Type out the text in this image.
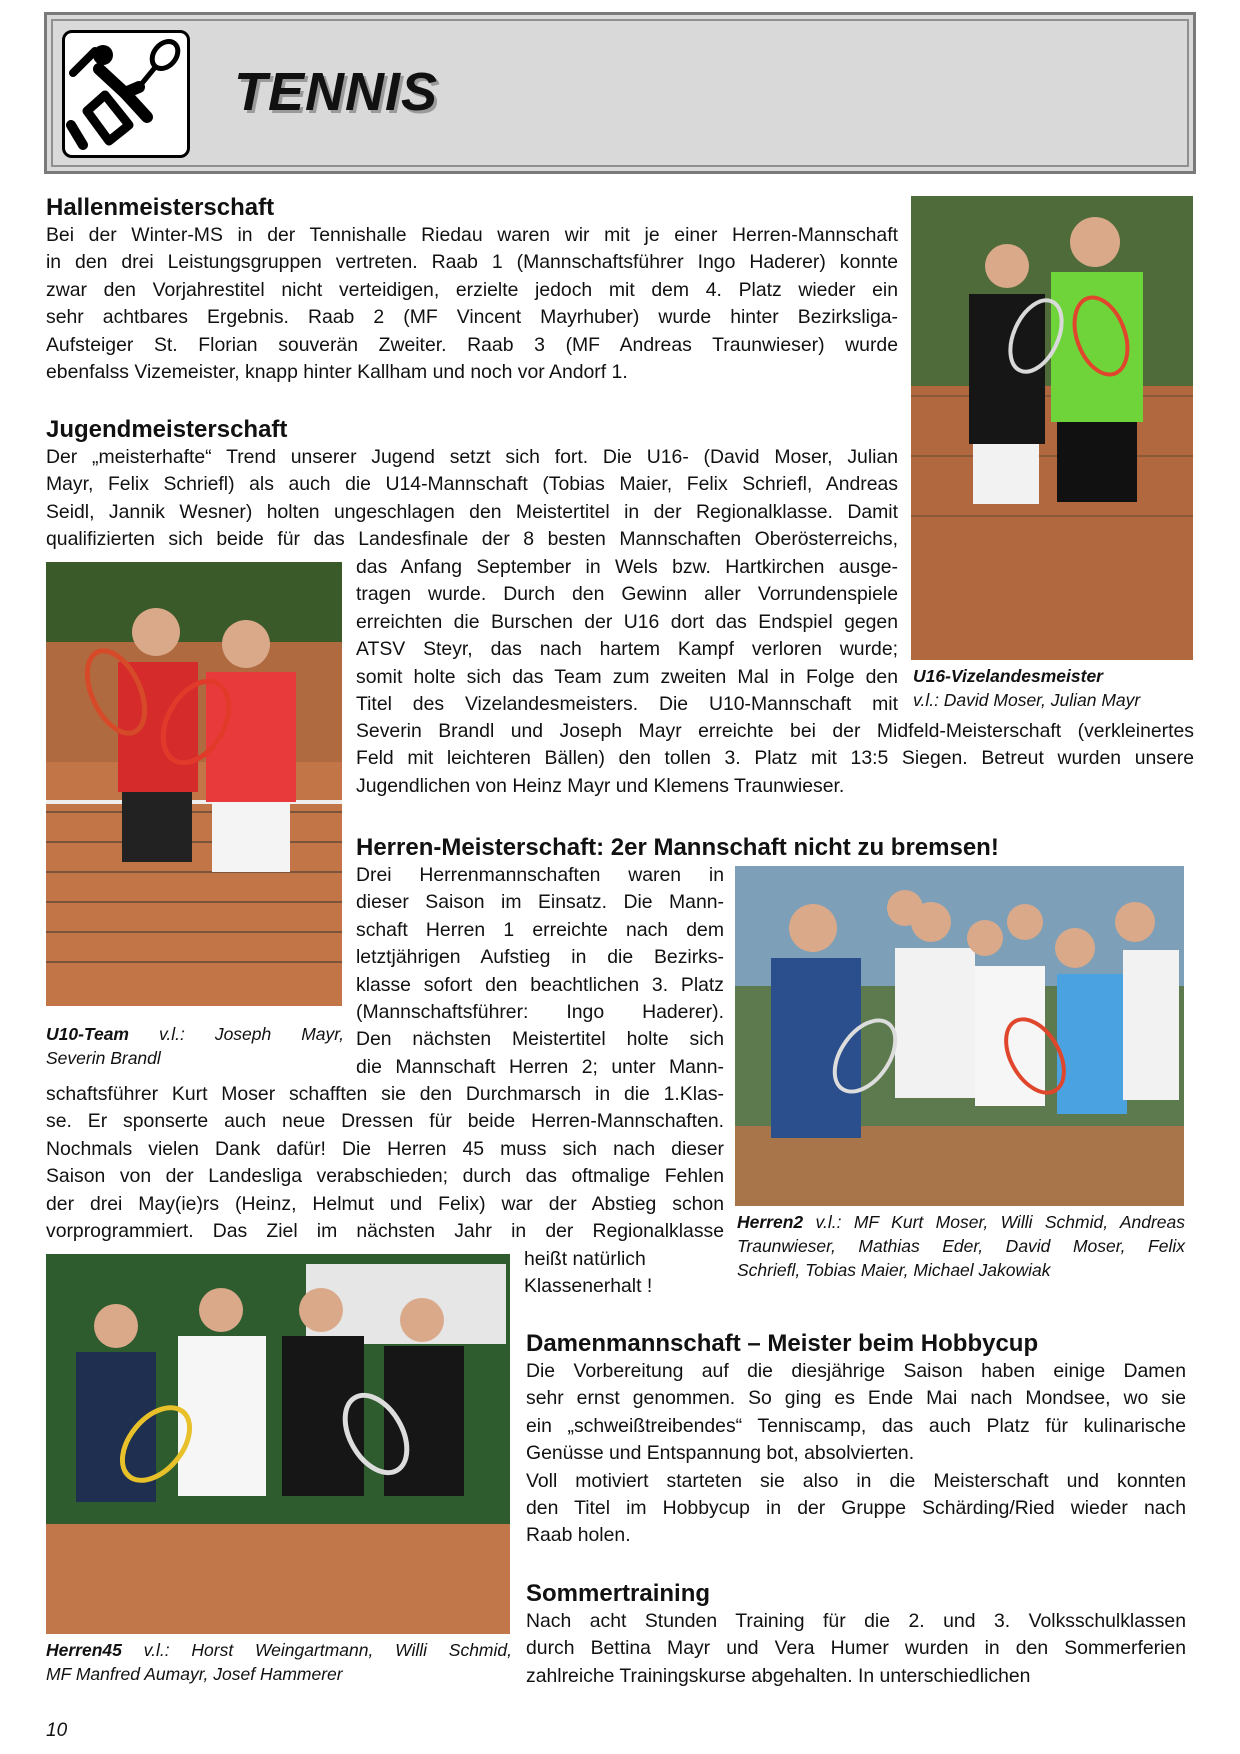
TENNIS
Hallenmeisterschaft
Bei der Winter-MS in der Tennishalle Riedau waren wir mit je einer Herren-Mannschaft
in den drei Leistungsgruppen vertreten. Raab 1 (Mannschaftsführer Ingo Haderer) konnte
zwar den Vorjahrestitel nicht verteidigen, erzielte jedoch mit dem 4. Platz wieder ein
sehr achtbares Ergebnis. Raab 2 (MF Vincent Mayrhuber) wurde hinter Bezirksliga-
Aufsteiger St. Florian souverän Zweiter. Raab 3 (MF Andreas Traunwieser) wurde
ebenfalss Vizemeister, knapp hinter Kallham und noch vor Andorf 1.
Jugendmeisterschaft
Der „meisterhafte“ Trend unserer Jugend setzt sich fort. Die U16- (David Moser, Julian
Mayr, Felix Schriefl) als auch die U14-Mannschaft (Tobias Maier, Felix Schriefl, Andreas
Seidl, Jannik Wesner) holten ungeschlagen den Meistertitel in der Regionalklasse. Damit
qualifizierten sich beide für das Landesfinale der 8 besten Mannschaften Oberösterreichs,
das Anfang September in Wels bzw. Hartkirchen ausge-
tragen wurde. Durch den Gewinn aller Vorrundenspiele
erreichten die Burschen der U16 dort das Endspiel gegen
ATSV Steyr, das nach hartem Kampf verloren wurde;
somit holte sich das Team zum zweiten Mal in Folge den
Titel des Vizelandesmeisters. Die U10-Mannschaft mit
Severin Brandl und Joseph Mayr erreichte bei der Midfeld-Meisterschaft (verkleinertes
Feld mit leichteren Bällen) den tollen 3. Platz mit 13:5 Siegen. Betreut wurden unsere
Jugendlichen von Heinz Mayr und Klemens Traunwieser.
U16-Vizelandesmeister
v.l.: David Moser, Julian Mayr
U10-Team v.l.: Joseph Mayr,
Severin Brandl
Herren-Meisterschaft: 2er Mannschaft nicht zu bremsen!
Drei Herrenmannschaften waren in
dieser Saison im Einsatz. Die Mann-
schaft Herren 1 erreichte nach dem
letztjährigen Aufstieg in die Bezirks-
klasse sofort den beachtlichen 3. Platz
(Mannschaftsführer: Ingo Haderer).
Den nächsten Meistertitel holte sich
die Mannschaft Herren 2; unter Mann-
schaftsführer Kurt Moser schafften sie den Durchmarsch in die 1.Klas-
se. Er sponserte auch neue Dressen für beide Herren-Mannschaften.
Nochmals vielen Dank dafür! Die Herren 45 muss sich nach dieser
Saison von der Landesliga verabschieden; durch das oftmalige Fehlen
der drei May(ie)rs (Heinz, Helmut und Felix) war der Abstieg schon
vorprogrammiert. Das Ziel im nächsten Jahr in der Regionalklasse
heißt natürlich
Klassenerhalt !
Herren2 v.l.: MF Kurt Moser, Willi Schmid, Andreas
Traunwieser, Mathias Eder, David Moser, Felix
Schriefl, Tobias Maier, Michael Jakowiak
Damenmannschaft – Meister beim Hobbycup
Die Vorbereitung auf die diesjährige Saison haben einige Damen
sehr ernst genommen. So ging es Ende Mai nach Mondsee, wo sie
ein „schweißtreibendes“ Tenniscamp, das auch Platz für kulinarische
Genüsse und Entspannung bot, absolvierten.
Voll motiviert starteten sie also in die Meisterschaft und konnten
den Titel im Hobbycup in der Gruppe Schärding/Ried wieder nach
Raab holen.
Sommertraining
Nach acht Stunden Training für die 2. und 3. Volksschulklassen
durch Bettina Mayr und Vera Humer wurden in den Sommerferien
zahlreiche Trainingskurse abgehalten. In unterschiedlichen
Herren45 v.l.: Horst Weingartmann, Willi Schmid,
MF Manfred Aumayr, Josef Hammerer
10
